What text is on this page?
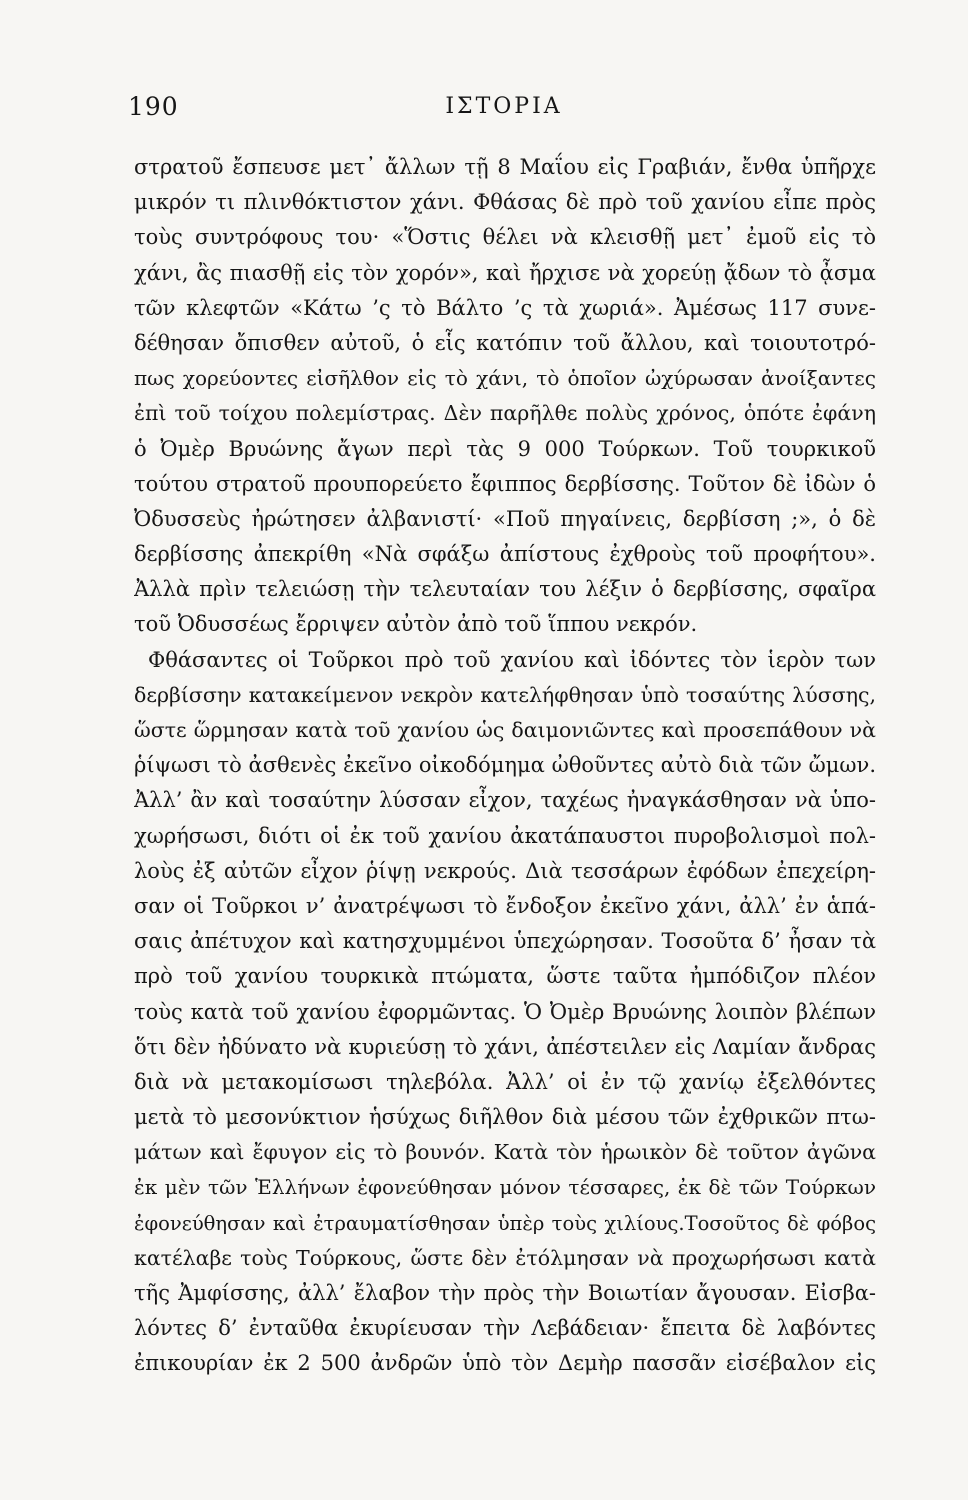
190	ΙΣΤΟΡΙΑ
στρατοῦ ἔσπευσε μετ᾽ ἄλλων τῇ 8 Μαΐου εἰς Γραβιάν, ἔνθα ὑπῆρχε
μικρόν τι πλινθόκτιστον χάνι. Φθάσας δὲ πρὸ τοῦ χανίου εἶπε πρὸς
τοὺς συντρόφους του· «Ὅστις θέλει νὰ κλεισθῇ μετ᾽ ἐμοῦ εἰς τὸ
χάνι, ἂς πιασθῇ εἰς τὸν χορόν», καὶ ἤρχισε νὰ χορεύῃ ᾄδων τὸ ᾆσμα
τῶν κλεφτῶν «Κάτω ’ς τὸ Βάλτο ’ς τὰ χωριά». Ἀμέσως 117 συνε-
δέθησαν ὄπισθεν αὐτοῦ, ὁ εἷς κατόπιν τοῦ ἄλλου, καὶ τοιουτοτρό-
πως χορεύοντες εἰσῆλθον εἰς τὸ χάνι, τὸ ὁποῖον ὠχύρωσαν ἀνοίξαντες
ἐπὶ τοῦ τοίχου πολεμίστρας. Δὲν παρῆλθε πολὺς χρόνος, ὁπότε ἐφάνη
ὁ Ὀμὲρ Βρυώνης ἄγων περὶ τὰς 9 000 Τούρκων. Τοῦ τουρκικοῦ
τούτου στρατοῦ προυπορεύετο ἔφιππος δερβίσσης. Τοῦτον δὲ ἰδὼν ὁ
Ὀδυσσεὺς ἠρώτησεν ἀλβανιστί· «Ποῦ πηγαίνεις, δερβίσση ;», ὁ δὲ
δερβίσσης ἀπεκρίθη «Νὰ σφάξω ἀπίστους ἐχθροὺς τοῦ προφήτου».
Ἀλλὰ πρὶν τελειώσῃ τὴν τελευταίαν του λέξιν ὁ δερβίσσης, σφαῖρα
τοῦ Ὀδυσσέως ἔρριψεν αὐτὸν ἀπὸ τοῦ ἵππου νεκρόν.
Φθάσαντες οἱ Τοῦρκοι πρὸ τοῦ χανίου καὶ ἰδόντες τὸν ἱερὸν των
δερβίσσην κατακείμενον νεκρὸν κατελήφθησαν ὑπὸ τοσαύτης λύσσης,
ὥστε ὥρμησαν κατὰ τοῦ χανίου ὡς δαιμονιῶντες καὶ προσεπάθουν νὰ
ῥίψωσι τὸ ἀσθενὲς ἐκεῖνο οἰκοδόμημα ὠθοῦντες αὐτὸ διὰ τῶν ὤμων.
Ἀλλ’ ἂν καὶ τοσαύτην λύσσαν εἶχον, ταχέως ἠναγκάσθησαν νὰ ὑπο-
χωρήσωσι, διότι οἱ ἐκ τοῦ χανίου ἀκατάπαυστοι πυροβολισμοὶ πολ-
λοὺς ἐξ αὐτῶν εἶχον ῥίψῃ νεκρούς. Διὰ τεσσάρων ἐφόδων ἐπεχείρη-
σαν οἱ Τοῦρκοι ν’ ἀνατρέψωσι τὸ ἔνδοξον ἐκεῖνο χάνι, ἀλλ’ ἐν ἁπά-
σαις ἀπέτυχον καὶ κατησχυμμένοι ὑπεχώρησαν. Τοσοῦτα δ’ ἦσαν τὰ
πρὸ τοῦ χανίου τουρκικὰ πτώματα, ὥστε ταῦτα ἠμπόδιζον πλέον
τοὺς κατὰ τοῦ χανίου ἐφορμῶντας. Ὁ Ὀμὲρ Βρυώνης λοιπὸν βλέπων
ὅτι δὲν ἠδύνατο νὰ κυριεύσῃ τὸ χάνι, ἀπέστειλεν εἰς Λαμίαν ἄνδρας
διὰ νὰ μετακομίσωσι τηλεβόλα. Ἀλλ’ οἱ ἐν τῷ χανίῳ ἐξελθόντες
μετὰ τὸ μεσονύκτιον ἡσύχως διῆλθον διὰ μέσου τῶν ἐχθρικῶν πτω-
μάτων καὶ ἔφυγον εἰς τὸ βουνόν. Κατὰ τὸν ἡρωικὸν δὲ τοῦτον ἀγῶνα
ἐκ μὲν τῶν Ἑλλήνων ἐφονεύθησαν μόνον τέσσαρες, ἐκ δὲ τῶν Τούρκων
ἐφονεύθησαν καὶ ἐτραυματίσθησαν ὑπὲρ τοὺς χιλίους.Τοσοῦτος δὲ φόβος
κατέλαβε τοὺς Τούρκους, ὥστε δὲν ἐτόλμησαν νὰ προχωρήσωσι κατὰ
τῆς Ἀμφίσσης, ἀλλ’ ἔλαβον τὴν πρὸς τὴν Βοιωτίαν ἄγουσαν. Εἰσβα-
λόντες δ’ ἐνταῦθα ἐκυρίευσαν τὴν Λεβάδειαν· ἔπειτα δὲ λαβόντες
ἐπικουρίαν ἐκ 2 500 ἀνδρῶν ὑπὸ τὸν Δεμὴρ πασσᾶν εἰσέβαλον εἰς
